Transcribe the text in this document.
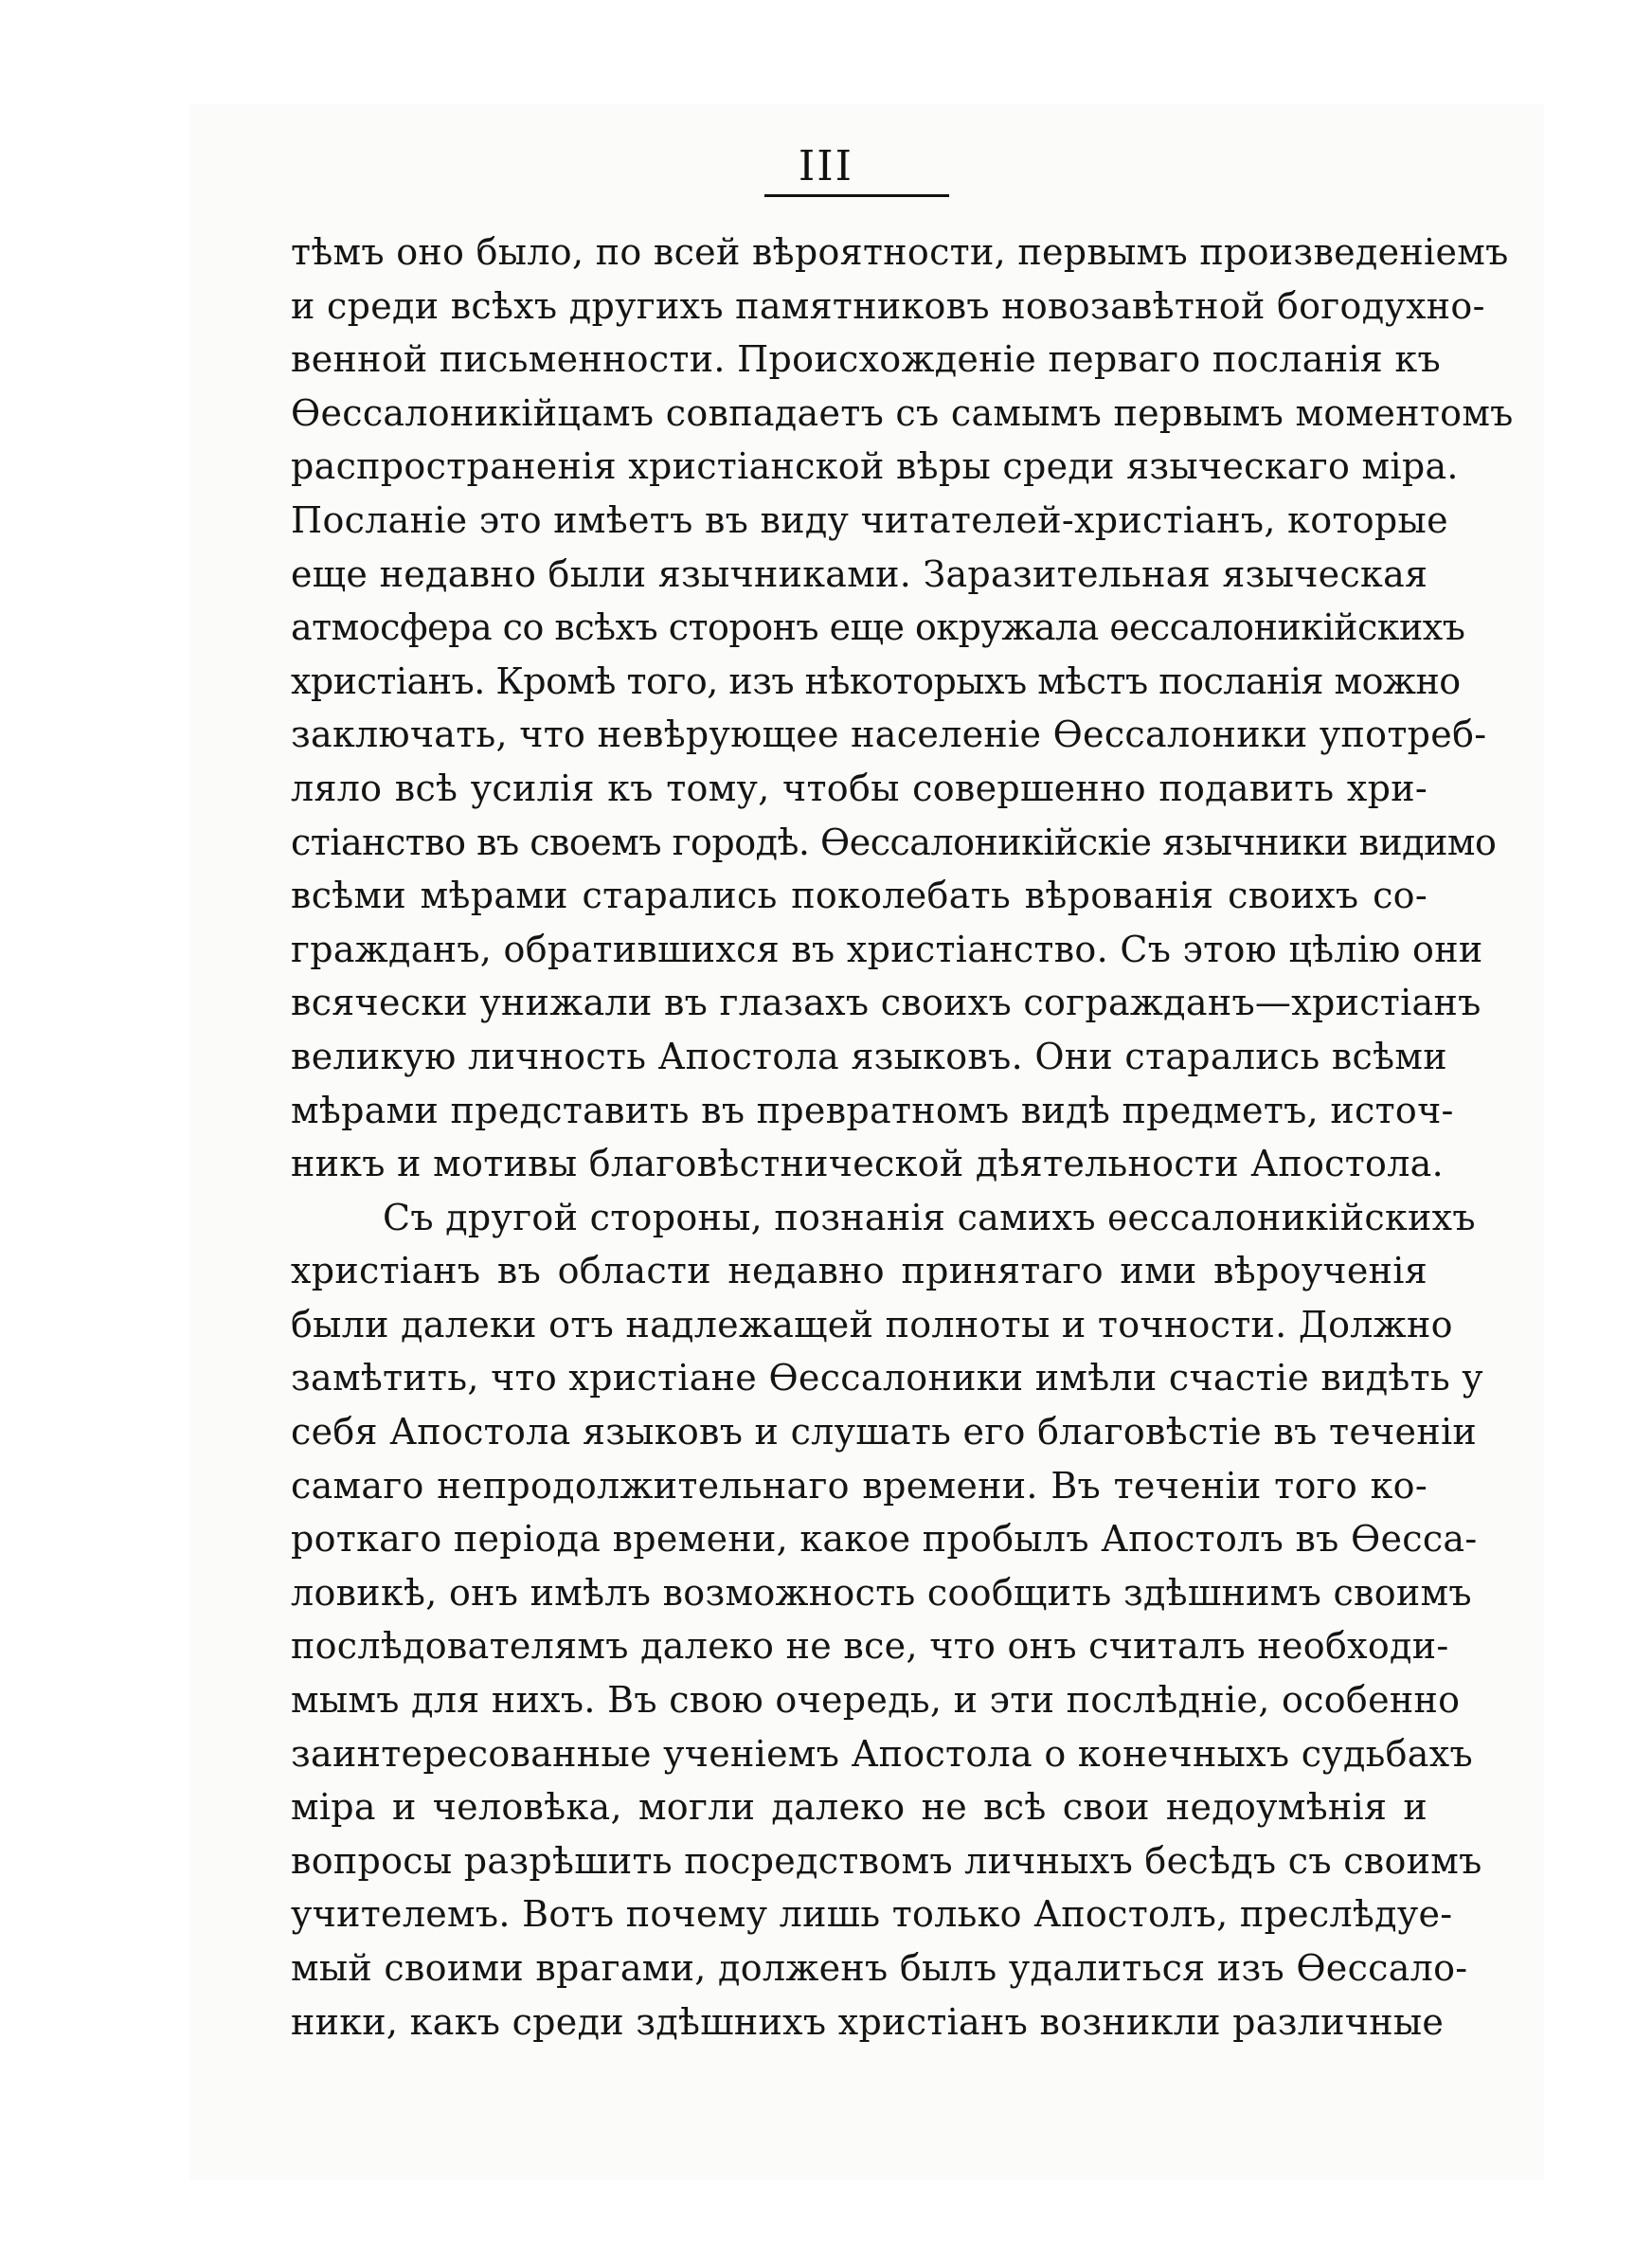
III
тѣмъ оно было, по всей вѣроятности, первымъ произведеніемъ
и среди всѣхъ другихъ памятниковъ новозавѣтной богодухно-
венной письменности. Происхожденіе перваго посланія къ
Ѳессалоникійцамъ совпадаетъ съ самымъ первымъ моментомъ
распространенія христіанской вѣры среди языческаго міра.
Посланіе это имѣетъ въ виду читателей-христіанъ, которые
еще недавно были язычниками. Заразительная языческая
атмосфера со всѣхъ сторонъ еще окружала ѳессалоникійскихъ
христіанъ. Кромѣ того, изъ нѣкоторыхъ мѣстъ посланія можно
заключать, что невѣрующее населеніе Ѳессалоники употреб-
ляло всѣ усилія къ тому, чтобы совершенно подавить хри-
стіанство въ своемъ городѣ. Ѳессалоникійскіе язычники видимо
всѣми мѣрами старались поколебать вѣрованія своихъ со-
гражданъ, обратившихся въ христіанство. Съ этою цѣлію они
всячески унижали въ глазахъ своихъ согражданъ—христіанъ
великую личность Апостола языковъ. Они старались всѣми
мѣрами представить въ превратномъ видѣ предметъ, источ-
никъ и мотивы благовѣстнической дѣятельности Апостола.
Съ другой стороны, познанія самихъ ѳессалоникійскихъ
христіанъ въ области недавно принятаго ими вѣроученія
были далеки отъ надлежащей полноты и точности. Должно
замѣтить, что христіане Ѳессалоники имѣли счастіе видѣть у
себя Апостола языковъ и слушать его благовѣстіе въ теченіи
самаго непродолжительнаго времени. Въ теченіи того ко-
роткаго періода времени, какое пробылъ Апостолъ въ Ѳесса-
ловикѣ, онъ имѣлъ возможность сообщить здѣшнимъ своимъ
послѣдователямъ далеко не все, что онъ считалъ необходи-
мымъ для нихъ. Въ свою очередь, и эти послѣдніе, особенно
заинтересованные ученіемъ Апостола о конечныхъ судьбахъ
міра и человѣка, могли далеко не всѣ свои недоумѣнія и
вопросы разрѣшить посредствомъ личныхъ бесѣдъ съ своимъ
учителемъ. Вотъ почему лишь только Апостолъ, преслѣдуе-
мый своими врагами, долженъ былъ удалиться изъ Ѳессало-
ники, какъ среди здѣшнихъ христіанъ возникли различные
